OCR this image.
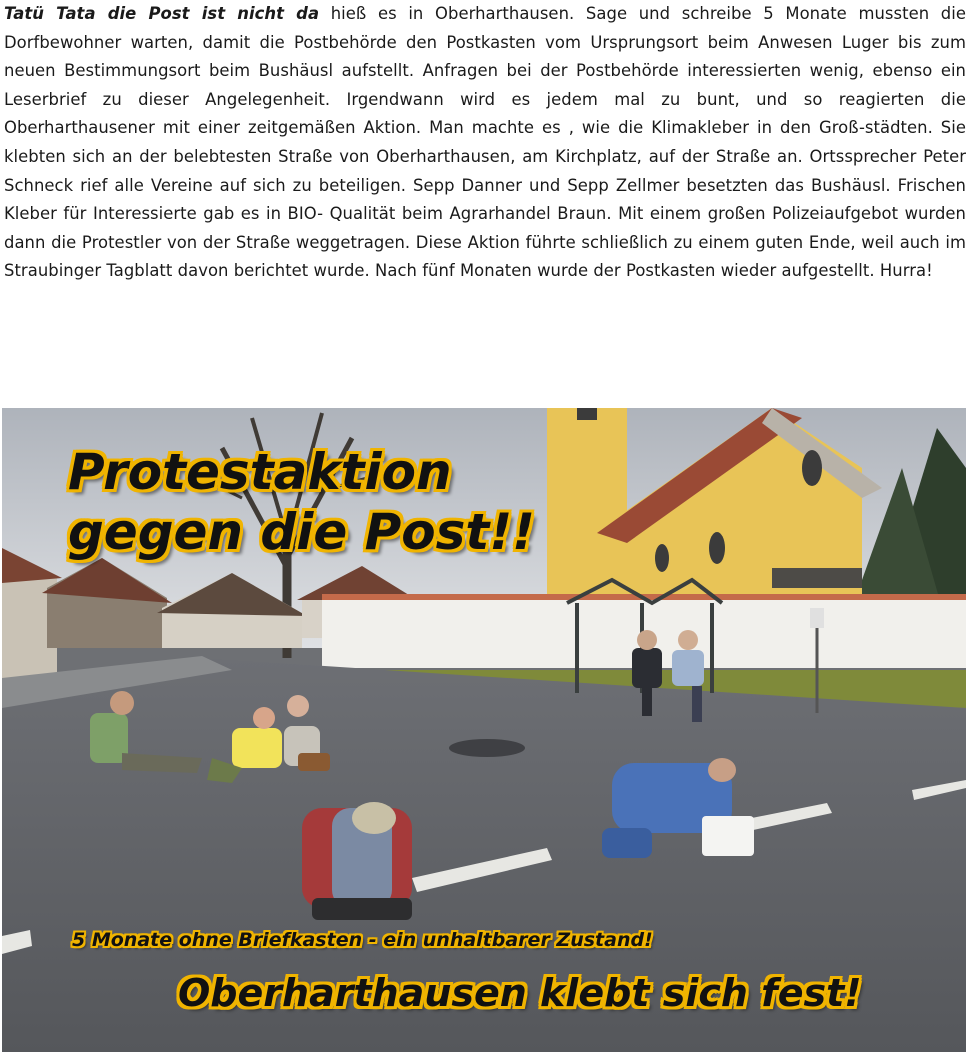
Tatü Tata die Post ist nicht da hieß es in Oberharthausen. Sage und schreibe 5 Monate mussten die Dorfbewohner warten, damit die Postbehörde den Postkasten vom Ursprungsort beim Anwesen Luger bis zum neuen Bestimmungsort beim Bushäusl aufstellt. Anfragen bei der Postbehörde interessierten wenig, ebenso ein Leserbrief zu dieser Angelegenheit. Irgendwann wird es jedem mal zu bunt, und so reagierten die Oberharthausener mit einer zeitgemäßen Aktion. Man machte es , wie die Klimakleber in den Groß-städten. Sie klebten sich an der belebtesten Straße von Oberharthausen, am Kirchplatz, auf der Straße an. Ortssprecher Peter Schneck rief alle Vereine auf sich zu beteiligen. Sepp Danner und Sepp Zellmer besetzten das Bushäusl. Frischen Kleber für Interessierte gab es in BIO- Qualität beim Agrarhandel Braun. Mit einem großen Polizeiaufgebot wurden dann die Protestler von der Straße weggetragen. Diese Aktion führte schließlich zu einem guten Ende, weil auch im Straubinger Tagblatt davon berichtet wurde. Nach fünf Monaten wurde der Postkasten wieder aufgestellt. Hurra!

Protestaktion
gegen die Post!!

5 Monate ohne Briefkasten - ein unhaltbarer Zustand!

Oberharthausen klebt sich fest!
